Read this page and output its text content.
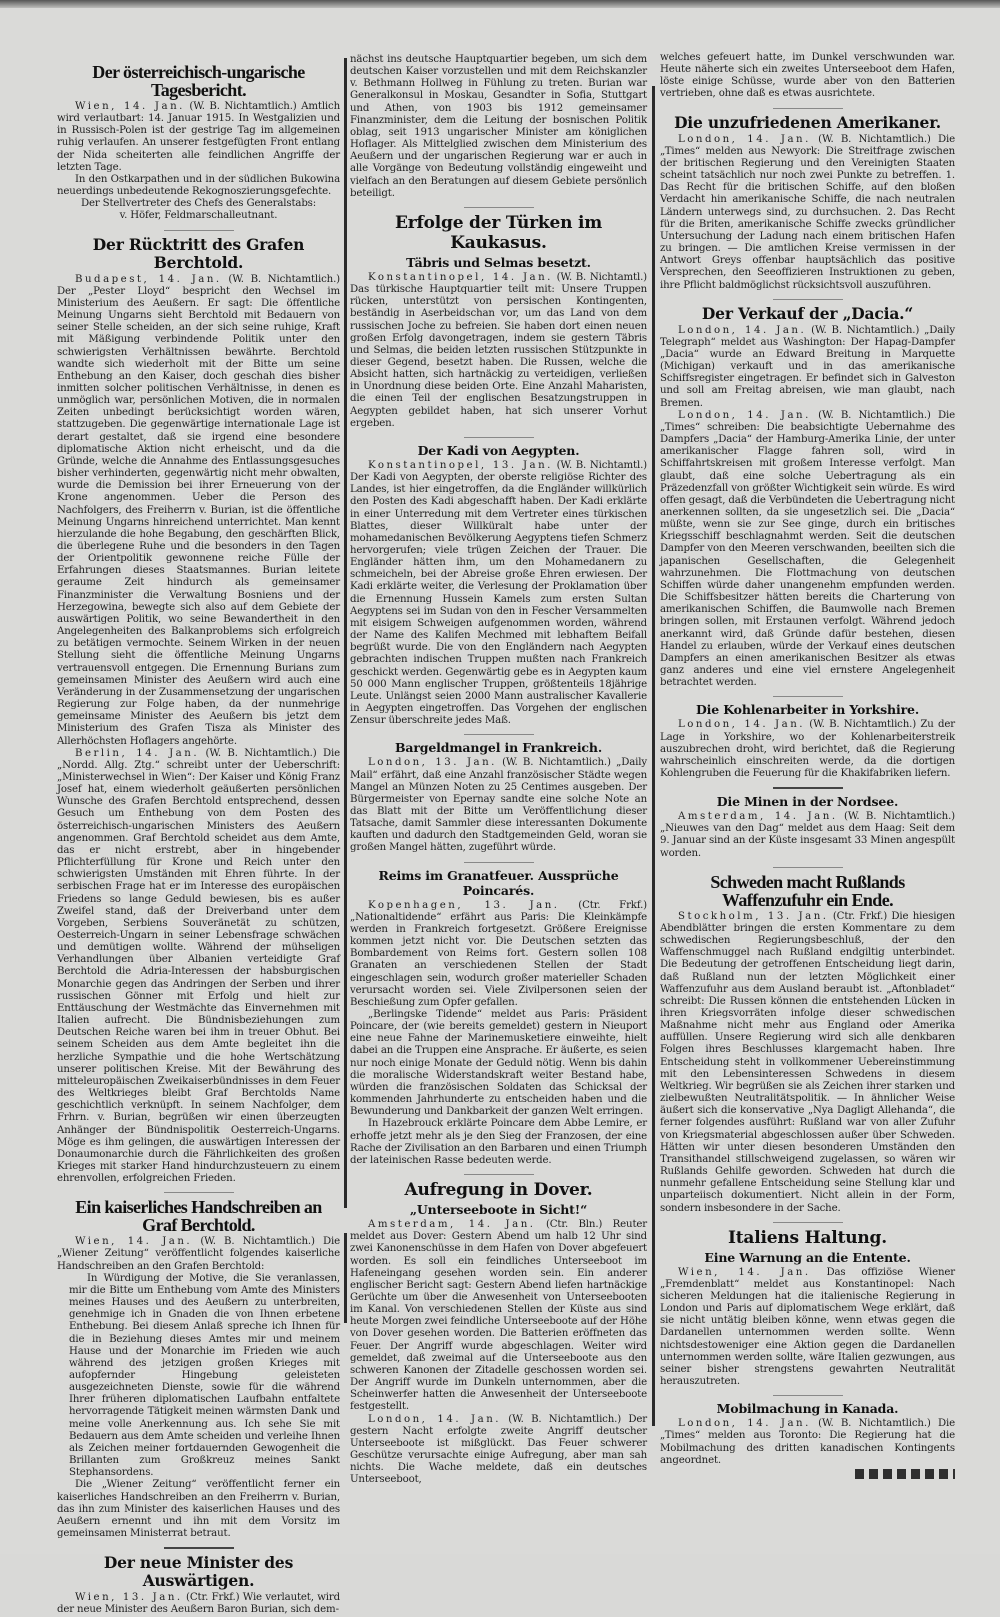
Der österreichisch-ungarische Tagesbericht.

Wien, 14. Jan. (W. B. Nichtamtlich.) Amtlich wird verlautbart: 14. Januar 1915. In Westgalizien und in Russisch-Polen ist der gestrige Tag im allgemeinen ruhig verlaufen. An unserer festgefügten Front entlang der Nida scheiterten alle feindlichen Angriffe der letzten Tage.

In den Ostkarpathen und in der südlichen Bukowina neuerdings unbedeutende Rekognoszierungsgefechte.

Der Stellvertreter des Chefs des Generalstabs:

v. Höfer, Feldmarschalleutnant.

Der Rücktritt des Grafen Berchtold.

Budapest, 14. Jan. (W. B. Nichtamtlich.) Der „Pester Lloyd“ bespricht den Wechsel im Ministerium des Aeußern. Er sagt: Die öffentliche Meinung Ungarns sieht Berchtold mit Bedauern von seiner Stelle scheiden, an der sich seine ruhige, Kraft mit Mäßigung verbindende Politik unter den schwierigsten Verhältnissen bewährte. Berchtold wandte sich wiederholt mit der Bitte um seine Enthebung an den Kaiser, doch geschah dies bisher inmitten solcher politischen Verhältnisse, in denen es unmöglich war, persönlichen Motiven, die in normalen Zeiten unbedingt berücksichtigt worden wären, stattzugeben. Die gegenwärtige internationale Lage ist derart gestaltet, daß sie irgend eine besondere diplomatische Aktion nicht erheischt, und da die Gründe, welche die Annahme des Entlassungsgesuches bisher verhinderten, gegenwärtig nicht mehr obwalten, wurde die Demission bei ihrer Erneuerung von der Krone angenommen. Ueber die Person des Nachfolgers, des Freiherrn v. Burian, ist die öffentliche Meinung Ungarns hinreichend unterrichtet. Man kennt hierzulande die hohe Begabung, den geschärften Blick, die überlegene Ruhe und die besonders in den Tagen der Orientpolitik gewonnene reiche Fülle der Erfahrungen dieses Staatsmannes. Burian leitete geraume Zeit hindurch als gemeinsamer Finanzminister die Verwaltung Bosniens und der Herzegowina, bewegte sich also auf dem Gebiete der auswärtigen Politik, wo seine Bewandertheit in den Angelegenheiten des Balkanproblems sich erfolgreich zu betätigen vermochte. Seinem Wirken in der neuen Stellung sieht die öffentliche Meinung Ungarns vertrauensvoll entgegen. Die Ernennung Burians zum gemeinsamen Minister des Aeußern wird auch eine Veränderung in der Zusammensetzung der ungarischen Regierung zur Folge haben, da der nunmehrige gemeinsame Minister des Aeußern bis jetzt dem Ministerium des Grafen Tisza als Minister des Allerhöchsten Hoflagers angehörte.

Berlin, 14. Jan. (W. B. Nichtamtlich.) Die „Nordd. Allg. Ztg.“ schreibt unter der Ueberschrift: „Ministerwechsel in Wien“: Der Kaiser und König Franz Josef hat, einem wiederholt geäußerten persönlichen Wunsche des Grafen Berchtold entsprechend, dessen Gesuch um Enthebung von dem Posten des österreichisch-ungarischen Ministers des Aeußern angenommen. Graf Berchtold scheidet aus dem Amte, das er nicht erstrebt, aber in hingebender Pflichterfüllung für Krone und Reich unter den schwierigsten Umständen mit Ehren führte. In der serbischen Frage hat er im Interesse des europäischen Friedens so lange Geduld bewiesen, bis es außer Zweifel stand, daß der Dreiverband unter dem Vorgeben, Serbiens Souveränetät zu schützen, Oesterreich-Ungarn in seiner Lebensfrage schwächen und demütigen wollte. Während der mühseligen Verhandlungen über Albanien verteidigte Graf Berchtold die Adria-Interessen der habsburgischen Monarchie gegen das Andringen der Serben und ihrer russischen Gönner mit Erfolg und hielt zur Enttäuschung der Westmächte das Einvernehmen mit Italien aufrecht. Die Bündnisbeziehungen zum Deutschen Reiche waren bei ihm in treuer Obhut. Bei seinem Scheiden aus dem Amte begleitet ihn die herzliche Sympathie und die hohe Wertschätzung unserer politischen Kreise. Mit der Bewährung des mitteleuropäischen Zweikaiserbündnisses in dem Feuer des Weltkrieges bleibt Graf Berchtolds Name geschichtlich verknüpft. In seinem Nachfolger, dem Frhrn. v. Burian, begrüßen wir einen überzeugten Anhänger der Bündnispolitik Oesterreich-Ungarns. Möge es ihm gelingen, die auswärtigen Interessen der Donaumonarchie durch die Fährlichkeiten des großen Krieges mit starker Hand hindurchzusteuern zu einem ehrenvollen, erfolgreichen Frieden.

Ein kaiserliches Handschreiben an Graf Berchtold.

Wien, 14. Jan. (W. B. Nichtamtlich.) Die „Wiener Zeitung“ veröffentlicht folgendes kaiserliche Handschreiben an den Grafen Berchtold:

In Würdigung der Motive, die Sie veranlassen, mir die Bitte um Enthebung vom Amte des Ministers meines Hauses und des Aeußern zu unterbreiten, genehmige ich in Gnaden die von Ihnen erbetene Enthebung. Bei diesem Anlaß spreche ich Ihnen für die in Beziehung dieses Amtes mir und meinem Hause und der Monarchie im Frieden wie auch während des jetzigen großen Krieges mit aufopfernder Hingebung geleisteten ausgezeichneten Dienste, sowie für die während Ihrer früheren diplomatischen Laufbahn entfaltete hervorragende Tätigkeit meinen wärmsten Dank und meine volle Anerkennung aus. Ich sehe Sie mit Bedauern aus dem Amte scheiden und verleihe Ihnen als Zeichen meiner fortdauernden Gewogenheit die Brillanten zum Großkreuz meines Sankt Stephansordens.

Die „Wiener Zeitung“ veröffentlicht ferner ein kaiserliches Handschreiben an den Freiherrn v. Burian, das ihn zum Minister des kaiserlichen Hauses und des Aeußern ernennt und ihn mit dem Vorsitz im gemeinsamen Ministerrat betraut.

Der neue Minister des Auswärtigen.

Wien, 13. Jan. (Ctr. Frkf.) Wie verlautet, wird der neue Minister des Aeußern Baron Burian, sich dem-

nächst ins deutsche Hauptquartier begeben, um sich dem deutschen Kaiser vorzustellen und mit dem Reichskanzler v. Bethmann Hollweg in Fühlung zu treten. Burian war Generalkonsul in Moskau, Gesandter in Sofia, Stuttgart und Athen, von 1903 bis 1912 gemeinsamer Finanzminister, dem die Leitung der bosnischen Politik oblag, seit 1913 ungarischer Minister am königlichen Hoflager. Als Mittelglied zwischen dem Ministerium des Aeußern und der ungarischen Regierung war er auch in alle Vorgänge von Bedeutung vollständig eingeweiht und vielfach an den Beratungen auf diesem Gebiete persönlich beteiligt.

Erfolge der Türken im Kaukasus.
Täbris und Selmas besetzt.

Konstantinopel, 14. Jan. (W. B. Nichtamtl.) Das türkische Hauptquartier teilt mit: Unsere Truppen rücken, unterstützt von persischen Kontingenten, beständig in Aserbeidschan vor, um das Land von dem russischen Joche zu befreien. Sie haben dort einen neuen großen Erfolg davongetragen, indem sie gestern Täbris und Selmas, die beiden letzten russischen Stützpunkte in dieser Gegend, besetzt haben. Die Russen, welche die Absicht hatten, sich hartnäckig zu verteidigen, verließen in Unordnung diese beiden Orte. Eine Anzahl Maharisten, die einen Teil der englischen Besatzungstruppen in Aegypten gebildet haben, hat sich unserer Vorhut ergeben.

Der Kadi von Aegypten.

Konstantinopel, 13. Jan. (W. B. Nichtamtl.) Der Kadi von Aegypten, der oberste religiöse Richter des Landes, ist hier eingetroffen, da die Engländer willkürlich den Posten des Kadi abgeschafft haben. Der Kadi erklärte in einer Unterredung mit dem Vertreter eines türkischen Blattes, dieser Willküralt habe unter der mohamedanischen Bevölkerung Aegyptens tiefen Schmerz hervorgerufen; viele trügen Zeichen der Trauer. Die Engländer hätten ihm, um den Mohamedanern zu schmeicheln, bei der Abreise große Ehren erwiesen. Der Kadi erklärte weiter, die Verlesung der Proklamation über die Ernennung Hussein Kamels zum ersten Sultan Aegyptens sei im Sudan von den in Fescher Versammelten mit eisigem Schweigen aufgenommen worden, während der Name des Kalifen Mechmed mit lebhaftem Beifall begrüßt wurde. Die von den Engländern nach Aegypten gebrachten indischen Truppen mußten nach Frankreich geschickt werden. Gegenwärtig gebe es in Aegypten kaum 50 000 Mann englischer Truppen, größtenteils 18jährige Leute. Unlängst seien 2000 Mann australischer Kavallerie in Aegypten eingetroffen. Das Vorgehen der englischen Zensur überschreite jedes Maß.

Bargeldmangel in Frankreich.

London, 13. Jan. (W. B. Nichtamtlich.) „Daily Mail“ erfährt, daß eine Anzahl französischer Städte wegen Mangel an Münzen Noten zu 25 Centimes ausgeben. Der Bürgermeister von Epernay sandte eine solche Note an das Blatt mit der Bitte um Veröffentlichung dieser Tatsache, damit Sammler diese interessanten Dokumente kauften und dadurch den Stadtgemeinden Geld, woran sie großen Mangel hätten, zugeführt würde.

Reims im Granatfeuer. Aussprüche Poincarés.

Kopenhagen, 13. Jan. (Ctr. Frkf.) „Nationaltidende“ erfährt aus Paris: Die Kleinkämpfe werden in Frankreich fortgesetzt. Größere Ereignisse kommen jetzt nicht vor. Die Deutschen setzten das Bombardement von Reims fort. Gestern sollen 108 Granaten an verschiedenen Stellen der Stadt eingeschlagen sein, wodurch großer materieller Schaden verursacht worden sei. Viele Zivilpersonen seien der Beschießung zum Opfer gefallen.

„Berlingske Tidende“ meldet aus Paris: Präsident Poincare, der (wie bereits gemeldet) gestern in Nieuport eine neue Fahne der Marinemusketiere einweihte, hielt dabei an die Truppen eine Ansprache. Er äußerte, es seien nur noch einige Monate der Geduld nötig. Wenn bis dahin die moralische Widerstandskraft weiter Bestand habe, würden die französischen Soldaten das Schicksal der kommenden Jahrhunderte zu entscheiden haben und die Bewunderung und Dankbarkeit der ganzen Welt erringen.

In Hazebrouck erklärte Poincare dem Abbe Lemire, er erhoffe jetzt mehr als je den Sieg der Franzosen, der eine Rache der Zivilisation an den Barbaren und einen Triumph der lateinischen Rasse bedeuten werde.

Aufregung in Dover.
„Unterseeboote in Sicht!“

Amsterdam, 14. Jan. (Ctr. Bln.) Reuter meldet aus Dover: Gestern Abend um halb 12 Uhr sind zwei Kanonenschüsse in dem Hafen von Dover abgefeuert worden. Es soll ein feindliches Unterseeboot im Hafeneingang gesehen worden sein. Ein anderer englischer Bericht sagt: Gestern Abend liefen hartnäckige Gerüchte um über die Anwesenheit von Unterseebooten im Kanal. Von verschiedenen Stellen der Küste aus sind heute Morgen zwei feindliche Unterseeboote auf der Höhe von Dover gesehen worden. Die Batterien eröffneten das Feuer. Der Angriff wurde abgeschlagen. Weiter wird gemeldet, daß zweimal auf die Unterseeboote aus den schweren Kanonen der Zitadelle geschossen worden sei. Der Angriff wurde im Dunkeln unternommen, aber die Scheinwerfer hatten die Anwesenheit der Unterseeboote festgestellt.

London, 14. Jan. (W. B. Nichtamtlich.) Der gestern Nacht erfolgte zweite Angriff deutscher Unterseeboote ist mißglückt. Das Feuer schwerer Geschütze verursachte einige Aufregung, aber man sah nichts. Die Wache meldete, daß ein deutsches Unterseeboot,

welches gefeuert hatte, im Dunkel verschwunden war. Heute näherte sich ein zweites Unterseeboot dem Hafen, löste einige Schüsse, wurde aber von den Batterien vertrieben, ohne daß es etwas ausrichtete.

Die unzufriedenen Amerikaner.

London, 14. Jan. (W. B. Nichtamtlich.) Die „Times“ melden aus Newyork: Die Streitfrage zwischen der britischen Regierung und den Vereinigten Staaten scheint tatsächlich nur noch zwei Punkte zu betreffen. 1. Das Recht für die britischen Schiffe, auf den bloßen Verdacht hin amerikanische Schiffe, die nach neutralen Ländern unterwegs sind, zu durchsuchen. 2. Das Recht für die Briten, amerikanische Schiffe zwecks gründlicher Untersuchung der Ladung nach einem britischen Hafen zu bringen. — Die amtlichen Kreise vermissen in der Antwort Greys offenbar hauptsächlich das positive Versprechen, den Seeoffizieren Instruktionen zu geben, ihre Pflicht baldmöglichst rücksichtsvoll auszuführen.

Der Verkauf der „Dacia.“

London, 14. Jan. (W. B. Nichtamtlich.) „Daily Telegraph“ meldet aus Washington: Der Hapag-Dampfer „Dacia“ wurde an Edward Breitung in Marquette (Michigan) verkauft und in das amerikanische Schiffsregister eingetragen. Er befindet sich in Galveston und soll am Freitag abreisen, wie man glaubt, nach Bremen.

London, 14. Jan. (W. B. Nichtamtlich.) Die „Times“ schreiben: Die beabsichtigte Uebernahme des Dampfers „Dacia“ der Hamburg-Amerika Linie, der unter amerikanischer Flagge fahren soll, wird in Schiffahrtskreisen mit großem Interesse verfolgt. Man glaubt, daß eine solche Uebertragung als ein Präzedenzfall von größter Wichtigkeit sein würde. Es wird offen gesagt, daß die Verbündeten die Uebertragung nicht anerkennen sollten, da sie ungesetzlich sei. Die „Dacia“ müßte, wenn sie zur See ginge, durch ein britisches Kriegsschiff beschlagnahmt werden. Seit die deutschen Dampfer von den Meeren verschwanden, beeilten sich die japanischen Gesellschaften, die Gelegenheit wahrzunehmen. Die Flottmachung von deutschen Schiffen würde daher unangenehm empfunden werden. Die Schiffsbesitzer hätten bereits die Charterung von amerikanischen Schiffen, die Baumwolle nach Bremen bringen sollen, mit Erstaunen verfolgt. Während jedoch anerkannt wird, daß Gründe dafür bestehen, diesen Handel zu erlauben, würde der Verkauf eines deutschen Dampfers an einen amerikanischen Besitzer als etwas ganz anderes und eine viel ernstere Angelegenheit betrachtet werden.

Die Kohlenarbeiter in Yorkshire.

London, 14. Jan. (W. B. Nichtamtlich.) Zu der Lage in Yorkshire, wo der Kohlenarbeiterstreik auszubrechen droht, wird berichtet, daß die Regierung wahrscheinlich einschreiten werde, da die dortigen Kohlengruben die Feuerung für die Khakifabriken liefern.

Die Minen in der Nordsee.

Amsterdam, 14. Jan. (W. B. Nichtamtlich.) „Nieuwes van den Dag“ meldet aus dem Haag: Seit dem 9. Januar sind an der Küste insgesamt 33 Minen angespült worden.

Schweden macht Rußlands Waffenzufuhr ein Ende.

Stockholm, 13. Jan. (Ctr. Frkf.) Die hiesigen Abendblätter bringen die ersten Kommentare zu dem schwedischen Regierungsbeschluß, der den Waffenschmuggel nach Rußland endgiltig unterbindet. Die Bedeutung der getroffenen Entscheidung liegt darin, daß Rußland nun der letzten Möglichkeit einer Waffenzufuhr aus dem Ausland beraubt ist. „Aftonbladet“ schreibt: Die Russen können die entstehenden Lücken in ihren Kriegsvorräten infolge dieser schwedischen Maßnahme nicht mehr aus England oder Amerika auffüllen. Unsere Regierung wird sich alle denkbaren Folgen ihres Beschlusses klargemacht haben. Ihre Entscheidung steht in vollkommener Uebereinstimmung mit den Lebensinteressen Schwedens in diesem Weltkrieg. Wir begrüßen sie als Zeichen ihrer starken und zielbewußten Neutralitätspolitik. — In ähnlicher Weise äußert sich die konservative „Nya Dagligt Allehanda“, die ferner folgendes ausführt: Rußland war von aller Zufuhr von Kriegsmaterial abgeschlossen außer über Schweden. Hätten wir unter diesen besonderen Umständen den Transithandel stillschweigend zugelassen, so wären wir Rußlands Gehilfe geworden. Schweden hat durch die nunmehr gefallene Entscheidung seine Stellung klar und unparteiisch dokumentiert. Nicht allein in der Form, sondern insbesondere in der Sache.

Italiens Haltung.
Eine Warnung an die Entente.

Wien, 14. Jan. Das offiziöse Wiener „Fremdenblatt“ meldet aus Konstantinopel: Nach sicheren Meldungen hat die italienische Regierung in London und Paris auf diplomatischem Wege erklärt, daß sie nicht untätig bleiben könne, wenn etwas gegen die Dardanellen unternommen werden sollte. Wenn nichtsdestoweniger eine Aktion gegen die Dardanellen unternommen werden sollte, wäre Italien gezwungen, aus seiner bisher strengstens gewahrten Neutralität herauszutreten.

Mobilmachung in Kanada.

London, 14. Jan. (W. B. Nichtamtlich.) Die „Times“ melden aus Toronto: Die Regierung hat die Mobilmachung des dritten kanadischen Kontingents angeordnet.
